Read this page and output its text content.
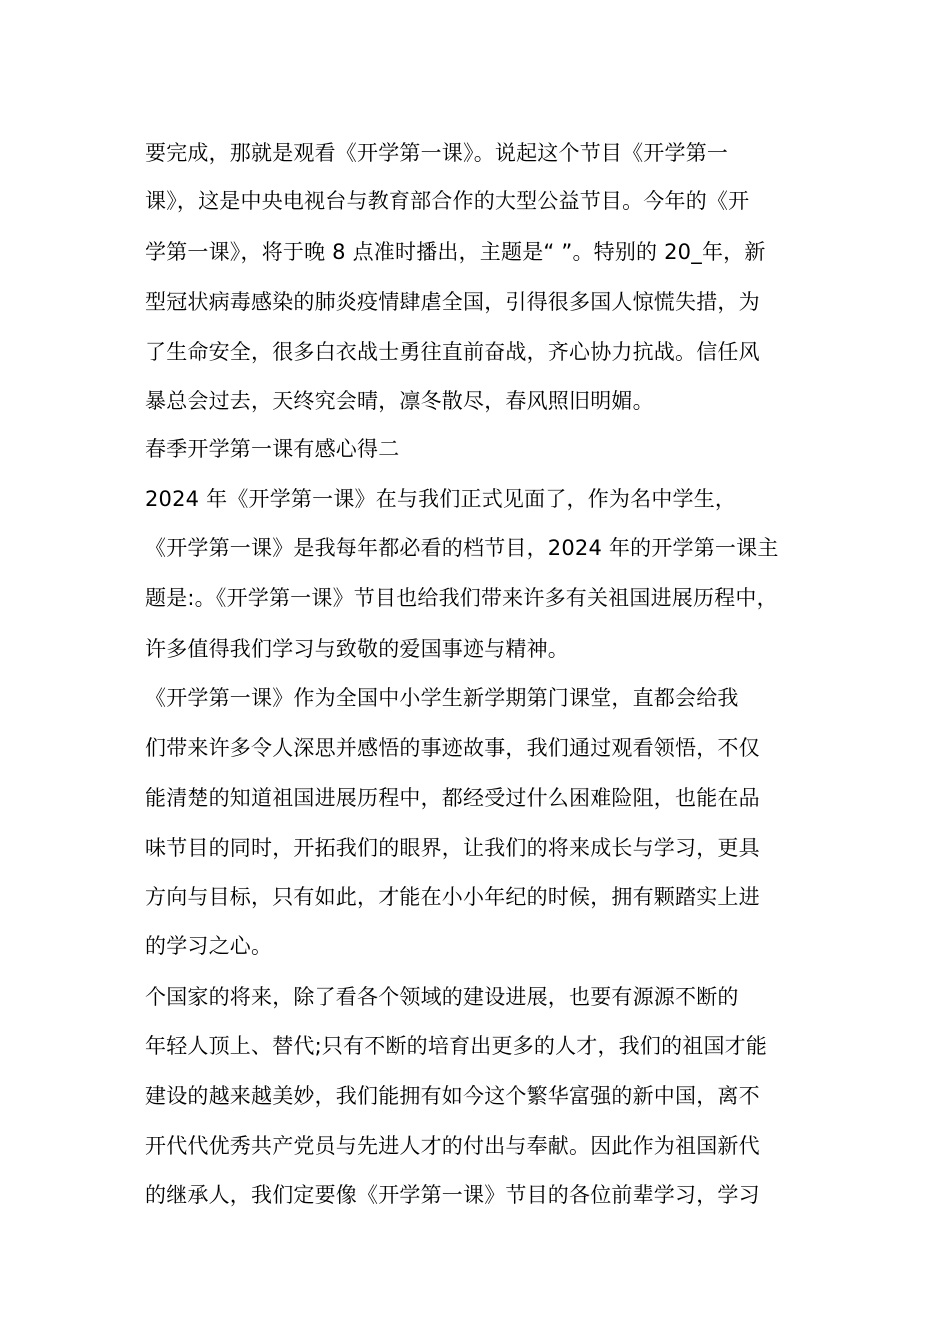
要完成，那就是观看《开学第一课》。说起这个节目《开学第一
课》，这是中央电视台与教育部合作的大型公益节目。今年的《开
学第一课》，将于晚 8 点准时播出，主题是“ ”。特别的 20_年，新
型冠状病毒感染的肺炎疫情肆虐全国，引得很多国人惊慌失措，为
了生命安全，很多白衣战士勇往直前奋战，齐心协力抗战。信任风
暴总会过去，天终究会晴，凛冬散尽，春风照旧明媚。
春季开学第一课有感心得二
2024 年《开学第一课》在与我们正式见面了，作为名中学生，
《开学第一课》是我每年都必看的档节目，2024 年的开学第一课主
题是:。《开学第一课》节目也给我们带来许多有关祖国进展历程中，
许多值得我们学习与致敬的爱国事迹与精神。
《开学第一课》作为全国中小学生新学期第门课堂，直都会给我
们带来许多令人深思并感悟的事迹故事，我们通过观看领悟，不仅
能清楚的知道祖国进展历程中，都经受过什么困难险阻，也能在品
味节目的同时，开拓我们的眼界，让我们的将来成长与学习，更具
方向与目标，只有如此，才能在小小年纪的时候，拥有颗踏实上进
的学习之心。
个国家的将来，除了看各个领域的建设进展，也要有源源不断的
年轻人顶上、替代;只有不断的培育出更多的人才，我们的祖国才能
建设的越来越美妙，我们能拥有如今这个繁华富强的新中国，离不
开代代优秀共产党员与先进人才的付出与奉献。因此作为祖国新代
的继承人，我们定要像《开学第一课》节目的各位前辈学习，学习
